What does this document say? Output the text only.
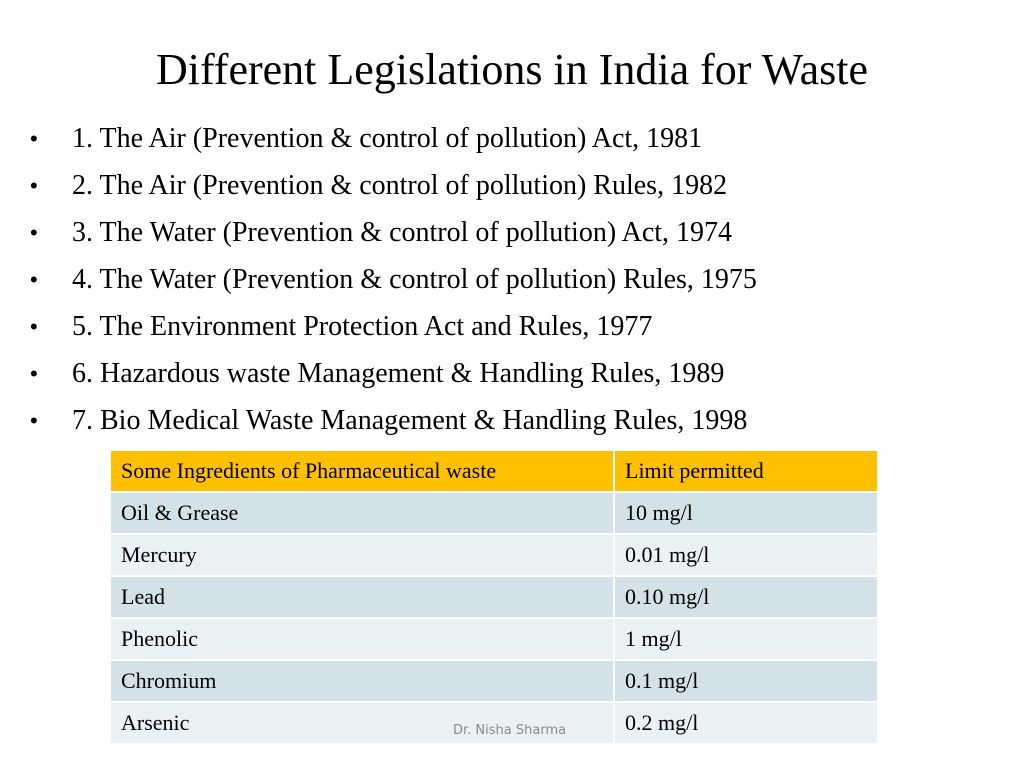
Different Legislations in India for Waste
•	1. The Air (Prevention & control of pollution) Act, 1981
•	2. The Air (Prevention & control of pollution) Rules, 1982
•	3. The Water (Prevention & control of pollution) Act, 1974
•	4. The Water (Prevention & control of pollution) Rules, 1975
•	5. The Environment Protection Act and Rules, 1977
•	6. Hazardous waste Management & Handling Rules, 1989
•	7. Bio Medical Waste Management & Handling Rules, 1998
Some Ingredients of Pharmaceutical waste	Limit permitted
Oil & Grease	10 mg/l
Mercury	0.01 mg/l
Lead	0.10 mg/l
Phenolic	1 mg/l
Chromium	0.1 mg/l
Arsenic	0.2 mg/l
Dr. Nisha Sharma
